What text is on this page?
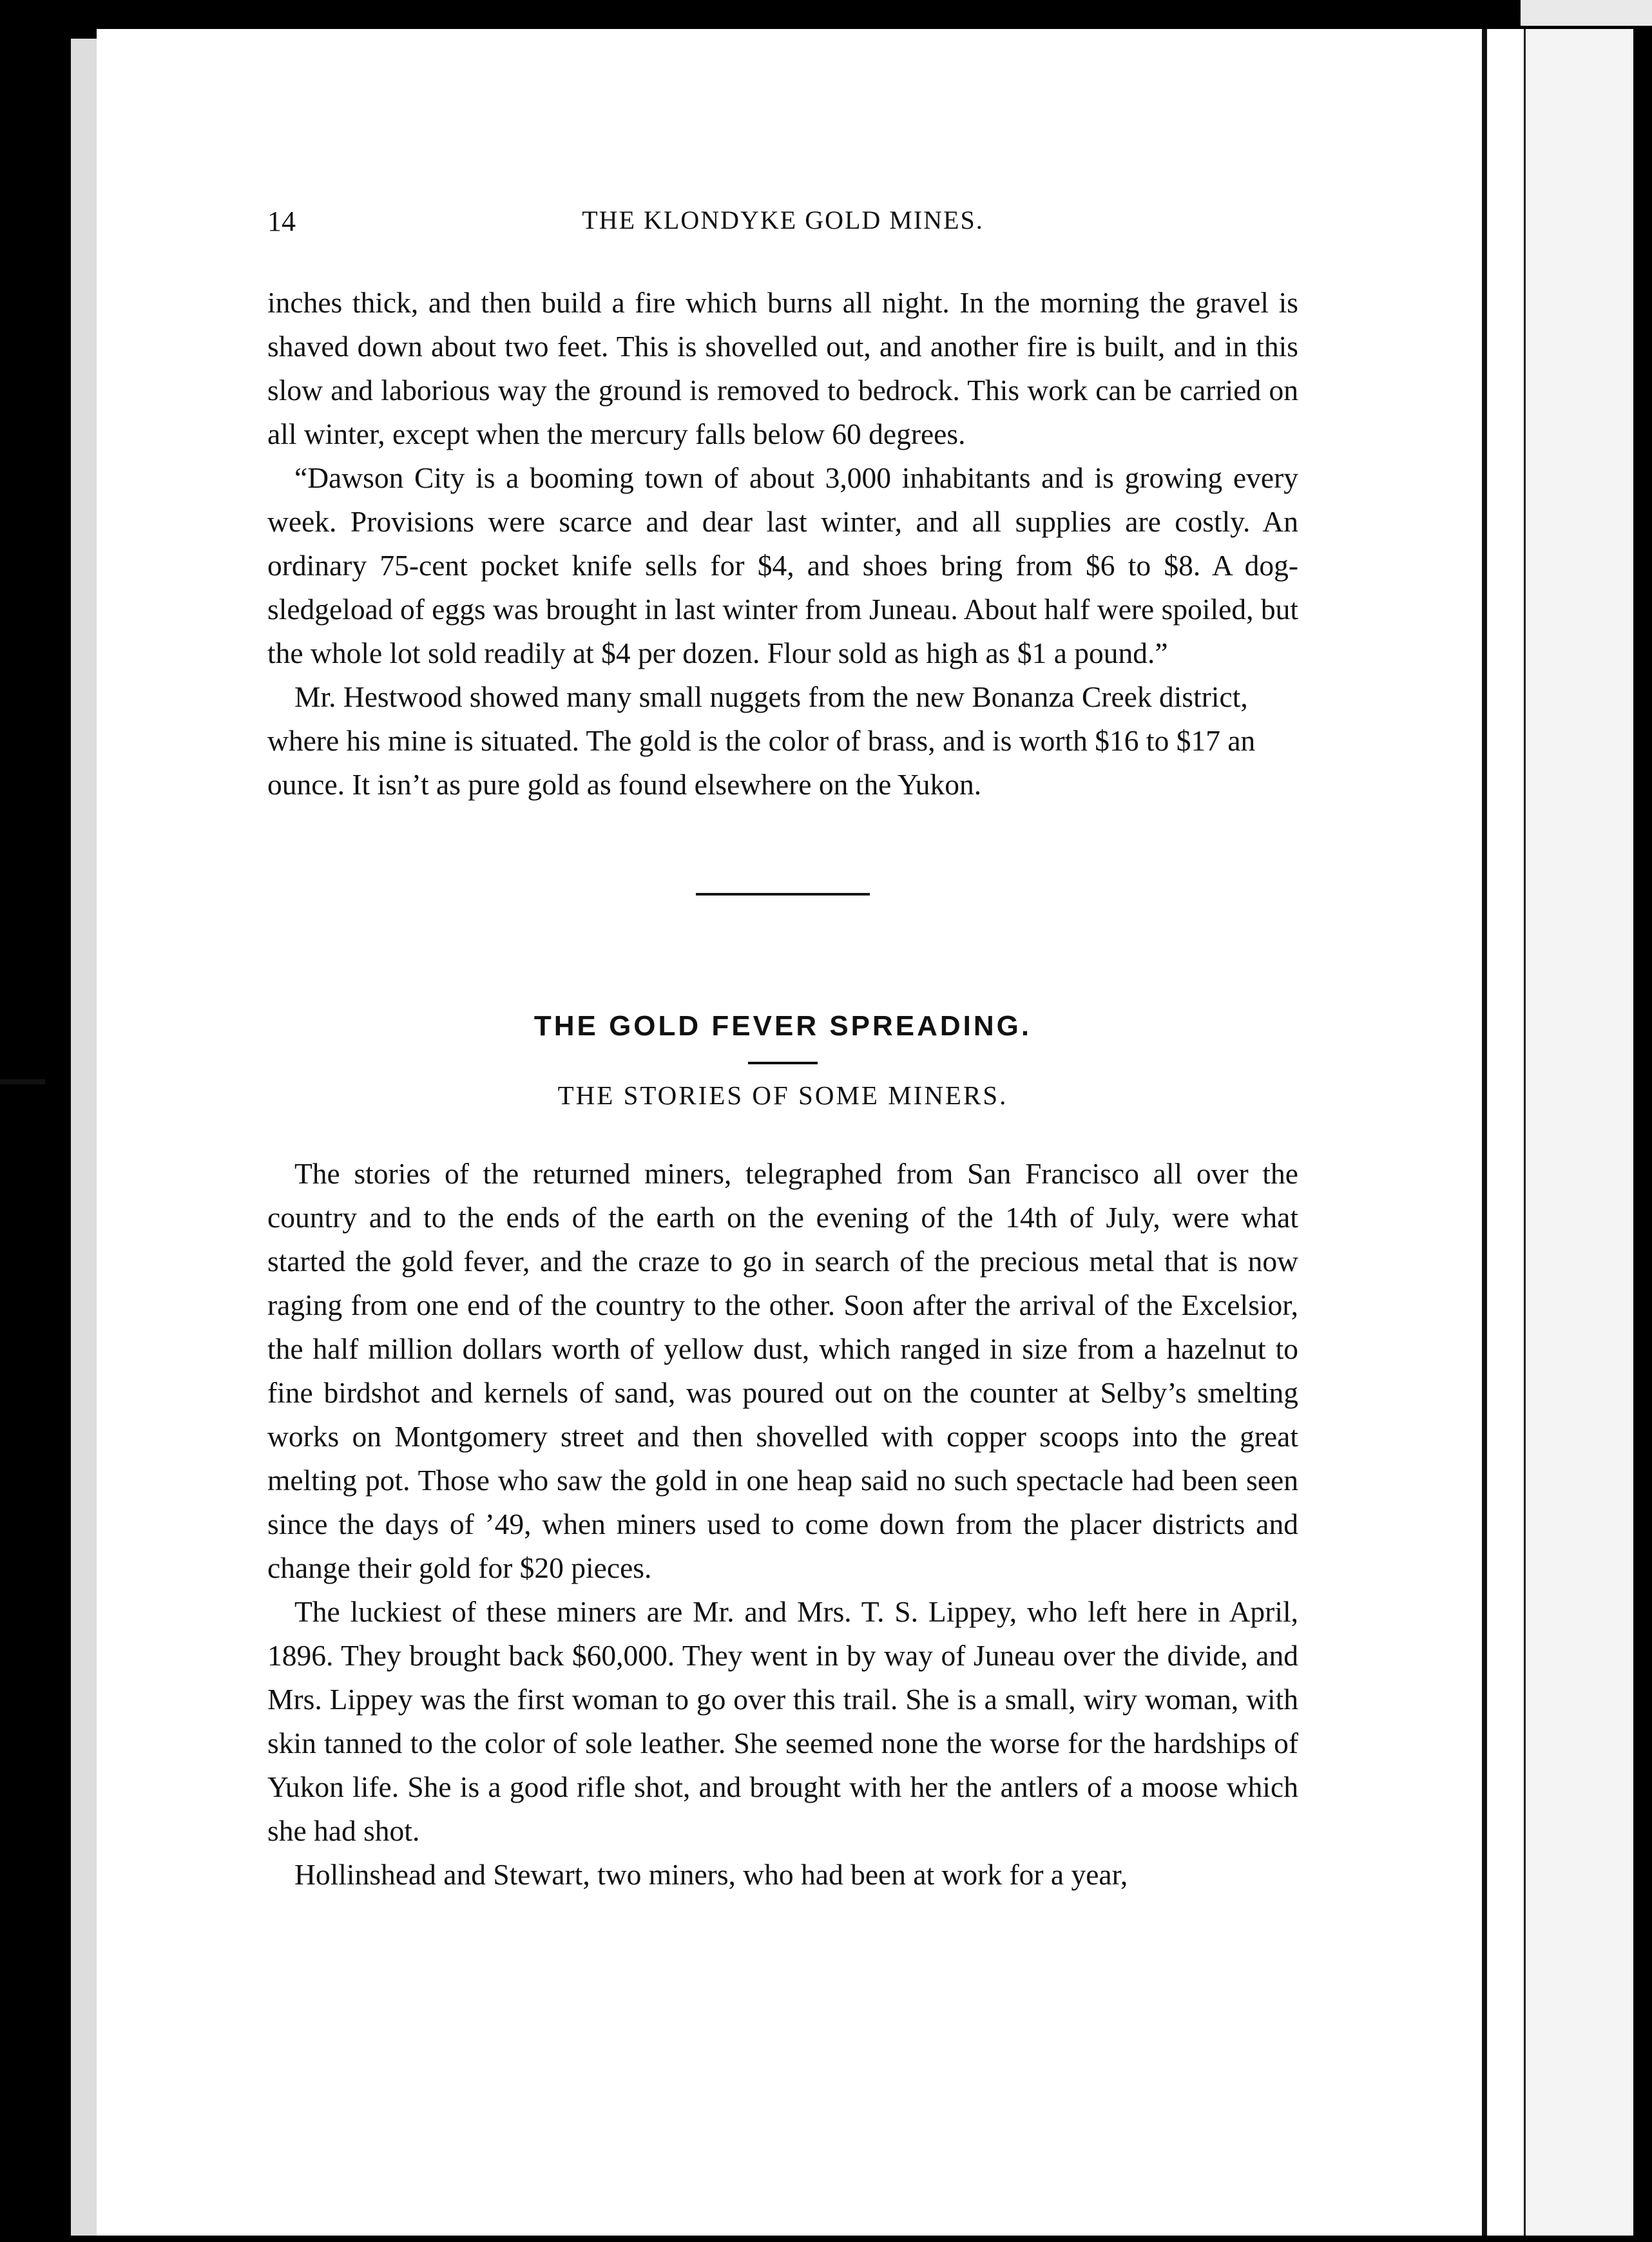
14	THE KLONDYKE GOLD MINES.

inches thick, and then build a fire which burns all night. In the morning the gravel is shaved down about two feet. This is shovelled out, and another fire is built, and in this slow and laborious way the ground is removed to bedrock. This work can be carried on all winter, except when the mercury falls below 60 degrees.

“Dawson City is a booming town of about 3,000 inhabitants and is growing every week. Provisions were scarce and dear last winter, and all supplies are costly. An ordinary 75-cent pocket knife sells for $4, and shoes bring from $6 to $8. A dog-sledgeload of eggs was brought in last winter from Juneau. About half were spoiled, but the whole lot sold readily at $4 per dozen. Flour sold as high as $1 a pound.”

Mr. Hestwood showed many small nuggets from the new Bonanza Creek district, where his mine is situated. The gold is the color of brass, and is worth $16 to $17 an ounce. It isn’t as pure gold as found elsewhere on the Yukon.

THE GOLD FEVER SPREADING.
THE STORIES OF SOME MINERS.

The stories of the returned miners, telegraphed from San Francisco all over the country and to the ends of the earth on the evening of the 14th of July, were what started the gold fever, and the craze to go in search of the precious metal that is now raging from one end of the country to the other. Soon after the arrival of the Excelsior, the half million dollars worth of yellow dust, which ranged in size from a hazelnut to fine birdshot and kernels of sand, was poured out on the counter at Selby’s smelting works on Montgomery street and then shovelled with copper scoops into the great melting pot. Those who saw the gold in one heap said no such spectacle had been seen since the days of ’49, when miners used to come down from the placer districts and change their gold for $20 pieces.

The luckiest of these miners are Mr. and Mrs. T. S. Lippey, who left here in April, 1896. They brought back $60,000. They went in by way of Juneau over the divide, and Mrs. Lippey was the first woman to go over this trail. She is a small, wiry woman, with skin tanned to the color of sole leather. She seemed none the worse for the hardships of Yukon life. She is a good rifle shot, and brought with her the antlers of a moose which she had shot.

Hollinshead and Stewart, two miners, who had been at work for a year,
